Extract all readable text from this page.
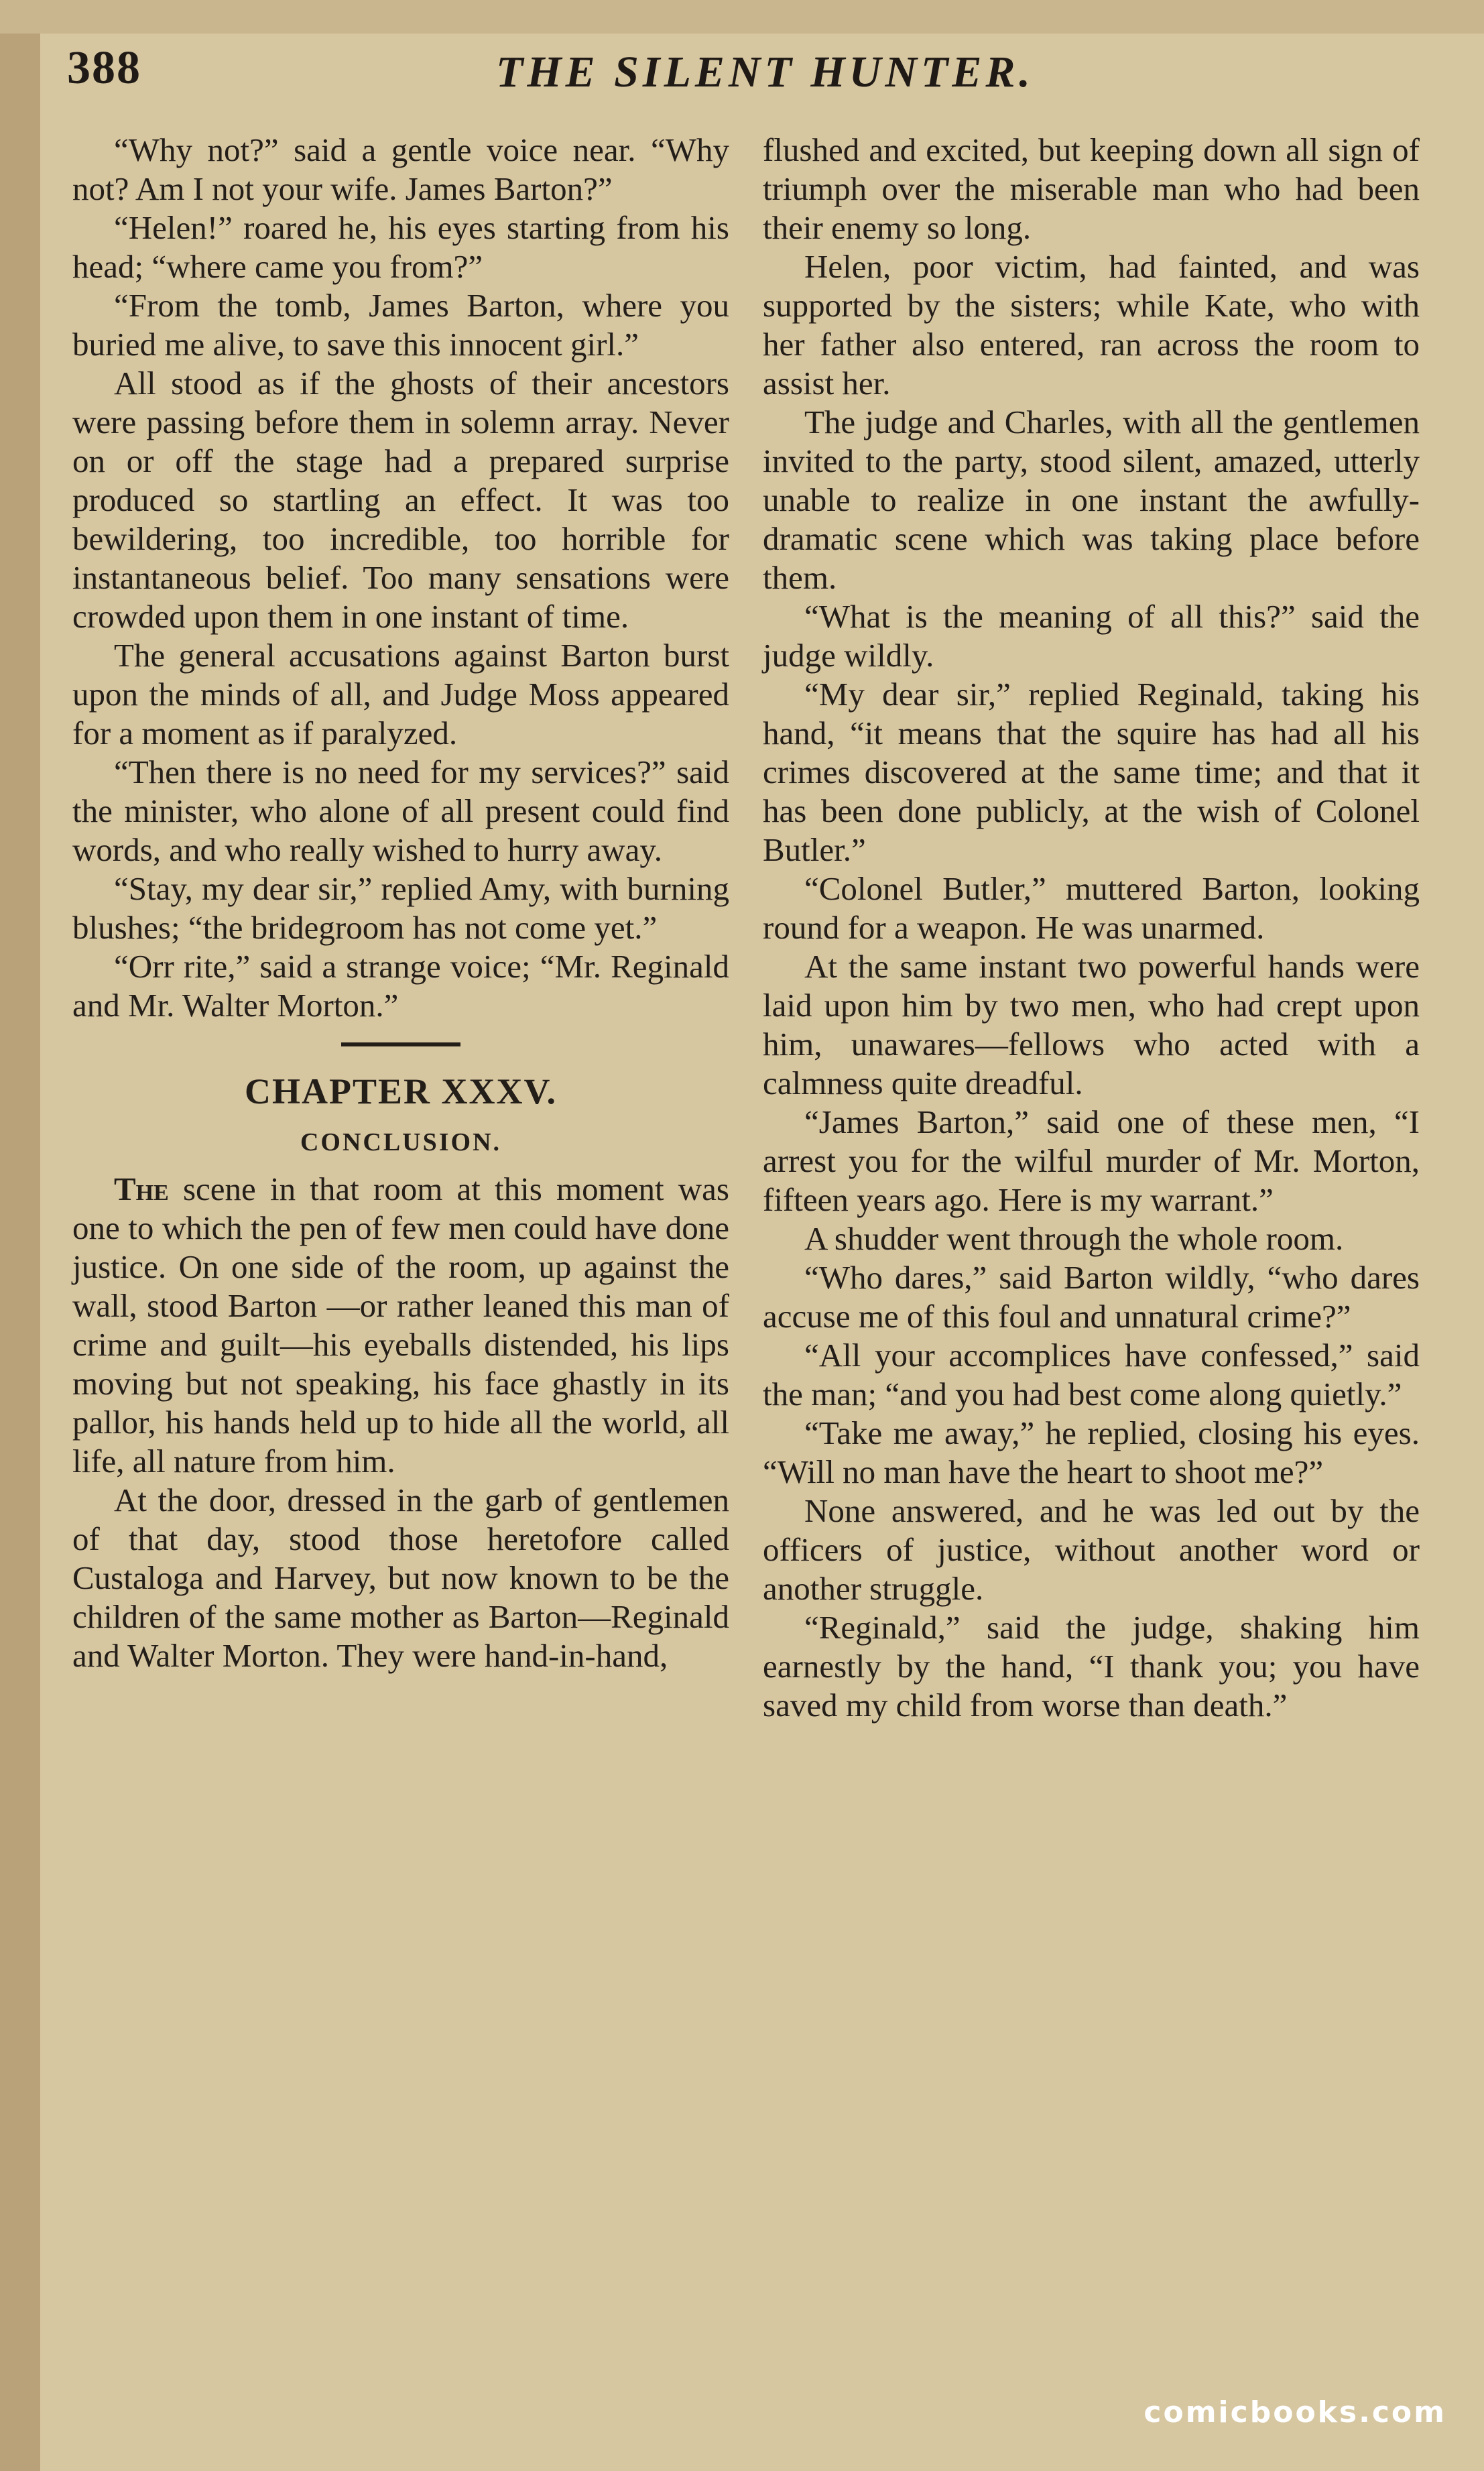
388	THE SILENT HUNTER.

“Why not?” said a gentle voice near. “Why not? Am I not your wife. James Barton?”

“Helen!” roared he, his eyes starting from his head; “where came you from?”

“From the tomb, James Barton, where you buried me alive, to save this innocent girl.”

All stood as if the ghosts of their ancestors were passing before them in solemn array. Never on or off the stage had a prepared surprise produced so startling an effect. It was too bewildering, too incredible, too horrible for instantaneous belief. Too many sensations were crowded upon them in one instant of time.

The general accusations against Barton burst upon the minds of all, and Judge Moss appeared for a moment as if paralyzed.

“Then there is no need for my services?” said the minister, who alone of all present could find words, and who really wished to hurry away.

“Stay, my dear sir,” replied Amy, with burning blushes; “the bridegroom has not come yet.”

“Orr rite,” said a strange voice; “Mr. Reginald and Mr. Walter Morton.”

CHAPTER XXXV.
CONCLUSION.

The scene in that room at this moment was one to which the pen of few men could have done justice. On one side of the room, up against the wall, stood Barton —or rather leaned this man of crime and guilt—his eyeballs distended, his lips moving but not speaking, his face ghastly in its pallor, his hands held up to hide all the world, all life, all nature from him.

At the door, dressed in the garb of gentlemen of that day, stood those heretofore called Custaloga and Harvey, but now known to be the children of the same mother as Barton—Reginald and Walter Morton. They were hand-in-hand,

flushed and excited, but keeping down all sign of triumph over the miserable man who had been their enemy so long.

Helen, poor victim, had fainted, and was supported by the sisters; while Kate, who with her father also entered, ran across the room to assist her.

The judge and Charles, with all the gentlemen invited to the party, stood silent, amazed, utterly unable to realize in one instant the awfully-dramatic scene which was taking place before them.

“What is the meaning of all this?” said the judge wildly.

“My dear sir,” replied Reginald, taking his hand, “it means that the squire has had all his crimes discovered at the same time; and that it has been done publicly, at the wish of Colonel Butler.”

“Colonel Butler,” muttered Barton, looking round for a weapon. He was unarmed.

At the same instant two powerful hands were laid upon him by two men, who had crept upon him, unawares—fellows who acted with a calmness quite dreadful.

“James Barton,” said one of these men, “I arrest you for the wilful murder of Mr. Morton, fifteen years ago. Here is my warrant.”

A shudder went through the whole room.

“Who dares,” said Barton wildly, “who dares accuse me of this foul and unnatural crime?”

“All your accomplices have confessed,” said the man; “and you had best come along quietly.”

“Take me away,” he replied, closing his eyes. “Will no man have the heart to shoot me?”

None answered, and he was led out by the officers of justice, without another word or another struggle.

“Reginald,” said the judge, shaking him earnestly by the hand, “I thank you; you have saved my child from worse than death.”

comicbooks.com
